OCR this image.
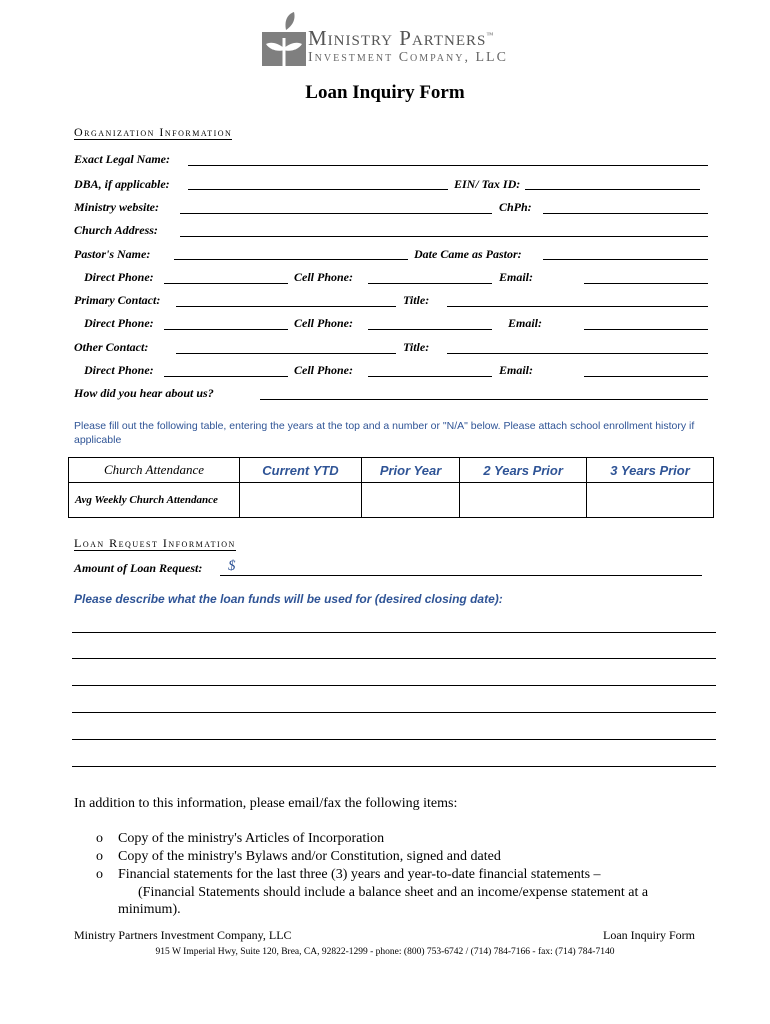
Ministry Partners™
Investment Company, LLC
Loan Inquiry Form
Organization Information
Exact Legal Name:
DBA, if applicable:	EIN/ Tax ID:
Ministry website:	ChPh:
Church Address:
Pastor's Name:	Date Came as Pastor:
Direct Phone:	Cell Phone:	Email:
Primary Contact:	Title:
Direct Phone:	Cell Phone:	Email:
Other Contact:	Title:
Direct Phone:	Cell Phone:	Email:
How did you hear about us?
Please fill out the following table, entering the years at the top and a number or "N/A" below. Please attach school enrollment history if applicable
Church Attendance	Current YTD	Prior Year	2 Years Prior	3 Years Prior
Avg Weekly Church Attendance				
Loan Request Information
Amount of Loan Request: $
Please describe what the loan funds will be used for (desired closing date):
In addition to this information, please email/fax the following items:
o Copy of the ministry's Articles of Incorporation
o Copy of the ministry's Bylaws and/or Constitution, signed and dated
o Financial statements for the last three (3) years and year-to-date financial statements –
(Financial Statements should include a balance sheet and an income/expense statement at a
minimum).
Ministry Partners Investment Company, LLC	Loan Inquiry Form
915 W Imperial Hwy, Suite 120, Brea, CA, 92822-1299 - phone: (800) 753-6742 / (714) 784-7166 - fax: (714) 784-7140
